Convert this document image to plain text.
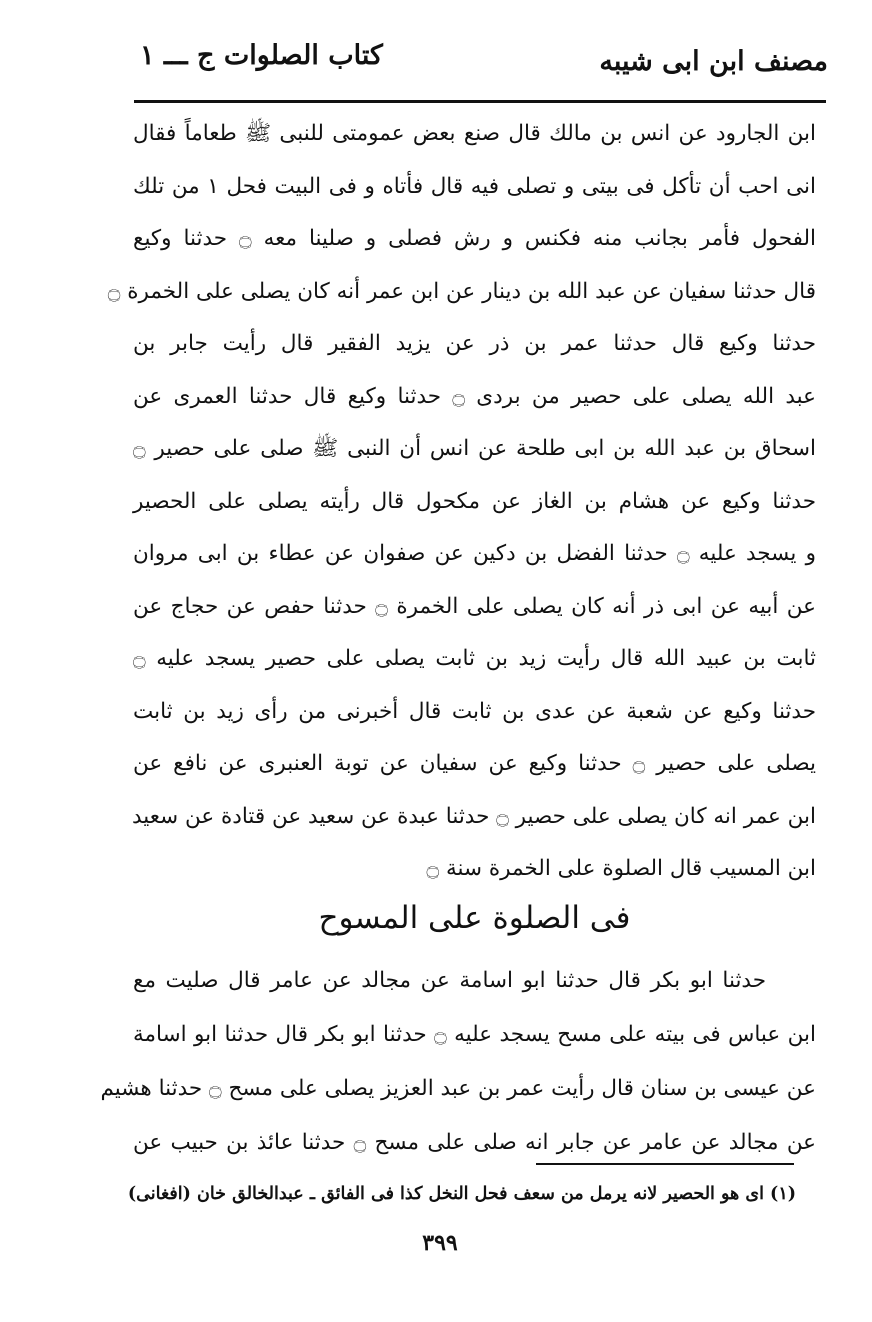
مصنف ابن ابی شیبه
كتاب الصلوات ج ـــ ١
ابن الجارود عن انس بن مالك قال صنع بعض عمومتى للنبى ﷺ طعاماً فقال
انى احب أن تأكل فى بيتى و تصلى فيه قال فأتاه و فى البيت فحل ١ من تلك
الفحول فأمر بجانب منه فكنس و رش فصلى و صلينا معه ۝ حدثنا وكيع
قال حدثنا سفيان عن عبد الله بن دينار عن ابن عمر أنه كان يصلى على الخمرة ۝
حدثنا وكيع قال حدثنا عمر بن ذر عن يزيد الفقير قال رأيت جابر بن
عبد الله يصلى على حصير من بردى ۝ حدثنا وكيع قال حدثنا العمرى عن
اسحاق بن عبد الله بن ابى طلحة عن انس أن النبى ﷺ صلى على حصير ۝
حدثنا وكيع عن هشام بن الغاز عن مكحول قال رأيته يصلى على الحصير
و يسجد عليه ۝ حدثنا الفضل بن دكين عن صفوان عن عطاء بن ابى مروان
عن أبيه عن ابى ذر أنه كان يصلى على الخمرة ۝ حدثنا حفص عن حجاج عن
ثابت بن عبيد الله قال رأيت زيد بن ثابت يصلى على حصير يسجد عليه ۝
حدثنا وكيع عن شعبة عن عدى بن ثابت قال أخبرنى من رأى زيد بن ثابت
يصلى على حصير ۝ حدثنا وكيع عن سفيان عن توبة العنبرى عن نافع عن
ابن عمر انه كان يصلى على حصير ۝ حدثنا عبدة عن سعيد عن قتادة عن سعيد
ابن المسيب قال الصلوة على الخمرة سنة ۝
فى الصلوة على المسوح
حدثنا ابو بكر قال حدثنا ابو اسامة عن مجالد عن عامر قال صليت مع
ابن عباس فى بيته على مسح يسجد عليه ۝ حدثنا ابو بكر قال حدثنا ابو اسامة
عن عيسى بن سنان قال رأيت عمر بن عبد العزيز يصلى على مسح ۝ حدثنا هشيم
عن مجالد عن عامر عن جابر انه صلى على مسح ۝ حدثنا عائذ بن حبيب عن
(١) اى هو الحصير لانه يرمل من سعف فحل النخل كذا فى الفائق ـ عبدالخالق خان (افغانى)
٣٩٩
